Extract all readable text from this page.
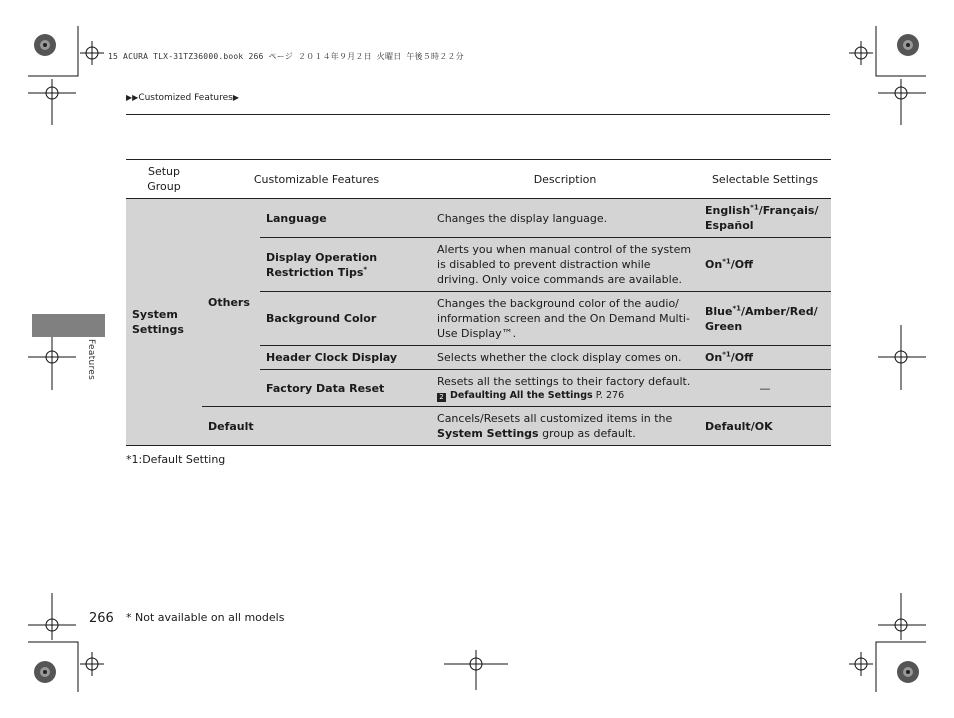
15 ACURA TLX-31TZ36000.book 266 ページ ２０１４年９月２日 火曜日 午後５時２２分
▶▶Customized Features▶
Features
Setup Group	Customizable Features		Description	Selectable Settings
System Settings	Others	Language	Changes the display language.	English$^{*1}$/Français/
Español
		Display Operation Restriction Tips*	Alerts you when manual control of the system is disabled to prevent distraction while driving. Only voice commands are available.	On$^{*1}$/Off
		Background Color	Changes the background color of the audio/ information screen and the On Demand Multi-Use Display™.	Blue$^{*1}$/Amber/Red/
Green
		Header Clock Display	Selects whether the clock display comes on.	On$^{*1}$/Off
		Factory Data Reset	Resets all the settings to their factory default.
2 Defaulting All the Settings P. 276	—
	Default		Cancels/Resets all customized items in the
System Settings group as default.	Default/OK
*1:Default Setting
266 * Not available on all models
